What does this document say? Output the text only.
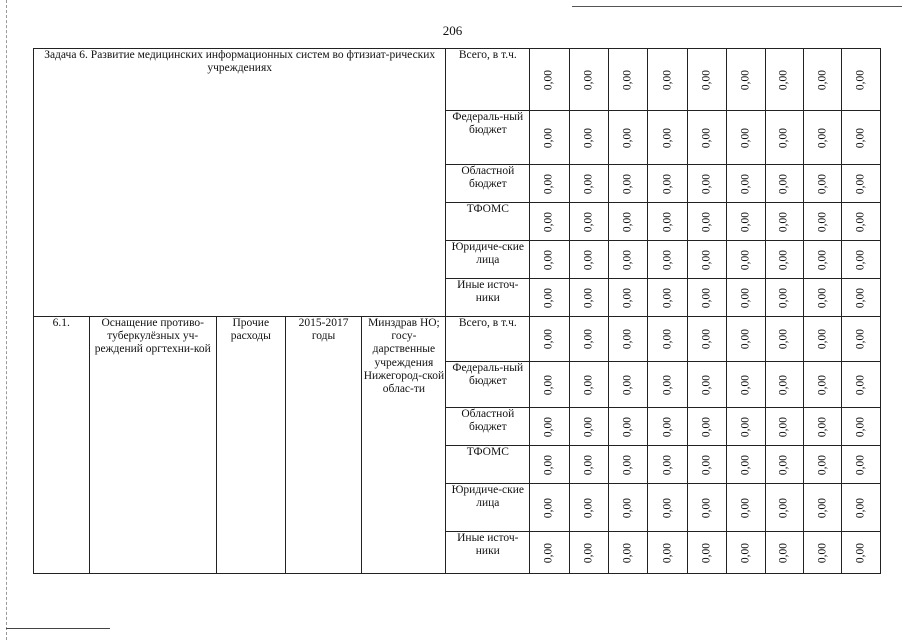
206
Задача 6. Развитие медицинских информационных систем во фтизиат-рических учреждениях					Всего, в т.ч.	0,00	0,00	0,00	0,00	0,00	0,00	0,00	0,00	0,00

					Федераль-ный бюджет	0,00	0,00	0,00	0,00	0,00	0,00	0,00	0,00	0,00

					Областной бюджет	0,00	0,00	0,00	0,00	0,00	0,00	0,00	0,00	0,00

					ТФОМС	0,00	0,00	0,00	0,00	0,00	0,00	0,00	0,00	0,00

					Юридиче-ские лица	0,00	0,00	0,00	0,00	0,00	0,00	0,00	0,00	0,00

					Иные источ-ники	0,00	0,00	0,00	0,00	0,00	0,00	0,00	0,00	0,00

6.1.	Оснащение противо-туберкулёзных уч-реждений оргтехни-кой	Прочие расходы	2015-2017 годы	Минздрав НО; госу-дарственные учреждения Нижегород-ской облас-ти	Всего, в т.ч.	0,00	0,00	0,00	0,00	0,00	0,00	0,00	0,00	0,00

					Федераль-ный бюджет	0,00	0,00	0,00	0,00	0,00	0,00	0,00	0,00	0,00

					Областной бюджет	0,00	0,00	0,00	0,00	0,00	0,00	0,00	0,00	0,00

					ТФОМС	0,00	0,00	0,00	0,00	0,00	0,00	0,00	0,00	0,00

					Юридиче-ские лица	0,00	0,00	0,00	0,00	0,00	0,00	0,00	0,00	0,00

					Иные источ-ники	0,00	0,00	0,00	0,00	0,00	0,00	0,00	0,00	0,00
